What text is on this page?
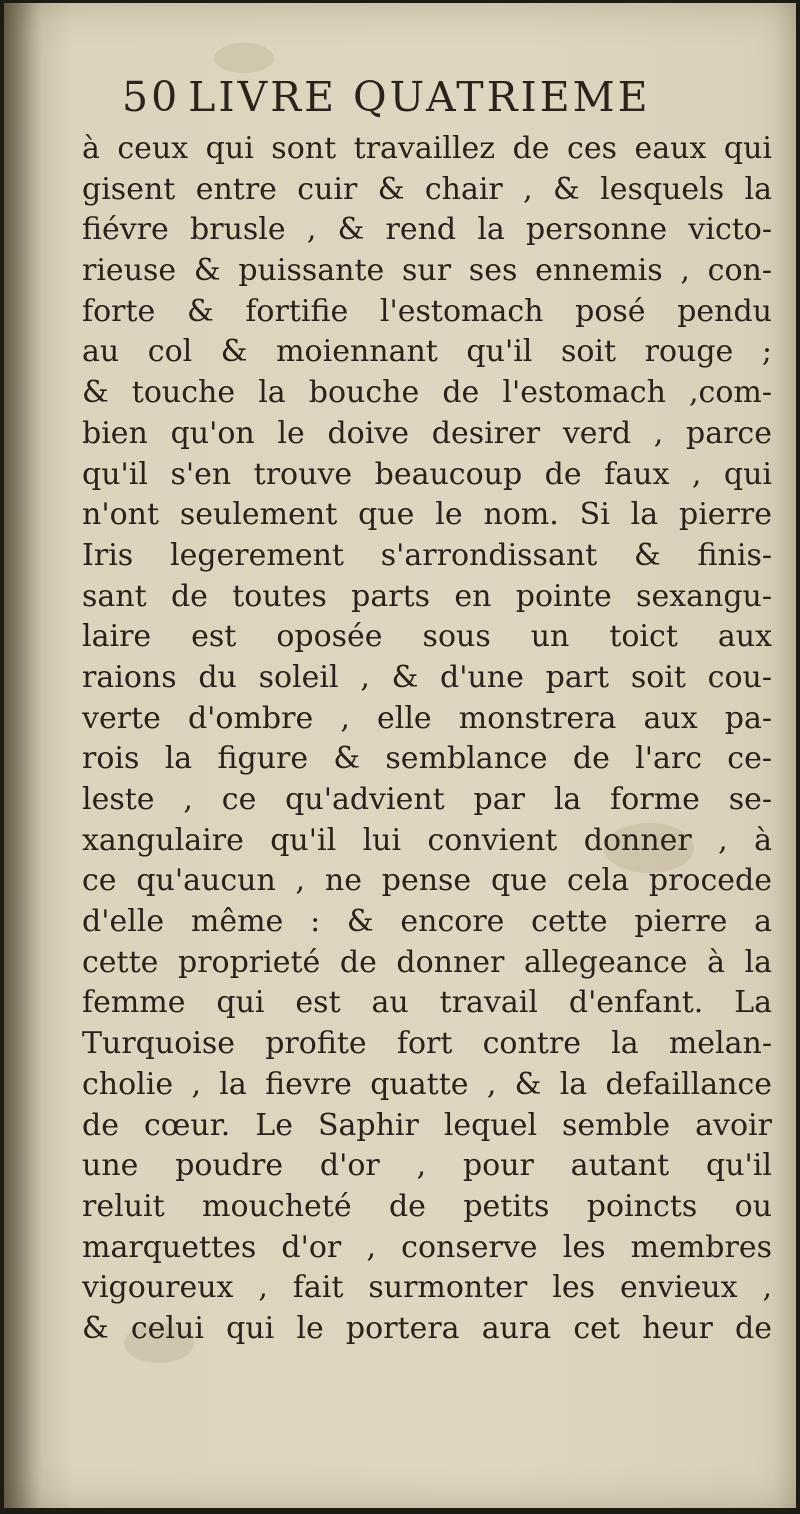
50 LIVRE QUATRIEME
à ceux qui sont travaillez de ces eaux qui
gisent entre cuir & chair , & lesquels la
fiévre brusle , & rend la personne victo-
rieuse & puissante sur ses ennemis , con-
forte & fortifie l'estomach posé pendu
au col & moiennant qu'il soit rouge ;
& touche la bouche de l'estomach ,com-
bien qu'on le doive desirer verd , parce
qu'il s'en trouve beaucoup de faux , qui
n'ont seulement que le nom. Si la pierre
Iris legerement s'arrondissant & finis-
sant de toutes parts en pointe sexangu-
laire est oposée sous un toict aux
raions du soleil , & d'une part soit cou-
verte d'ombre , elle monstrera aux pa-
rois la figure & semblance de l'arc ce-
leste , ce qu'advient par la forme se-
xangulaire qu'il lui convient donner , à
ce qu'aucun , ne pense que cela procede
d'elle même : & encore cette pierre a
cette proprieté de donner allegeance à la
femme qui est au travail d'enfant. La
Turquoise profite fort contre la melan-
cholie , la fievre quatte , & la defaillance
de cœur. Le Saphir lequel semble avoir
une poudre d'or , pour autant qu'il
reluit moucheté de petits poincts ou
marquettes d'or , conserve les membres
vigoureux , fait surmonter les envieux ,
& celui qui le portera aura cet heur de
